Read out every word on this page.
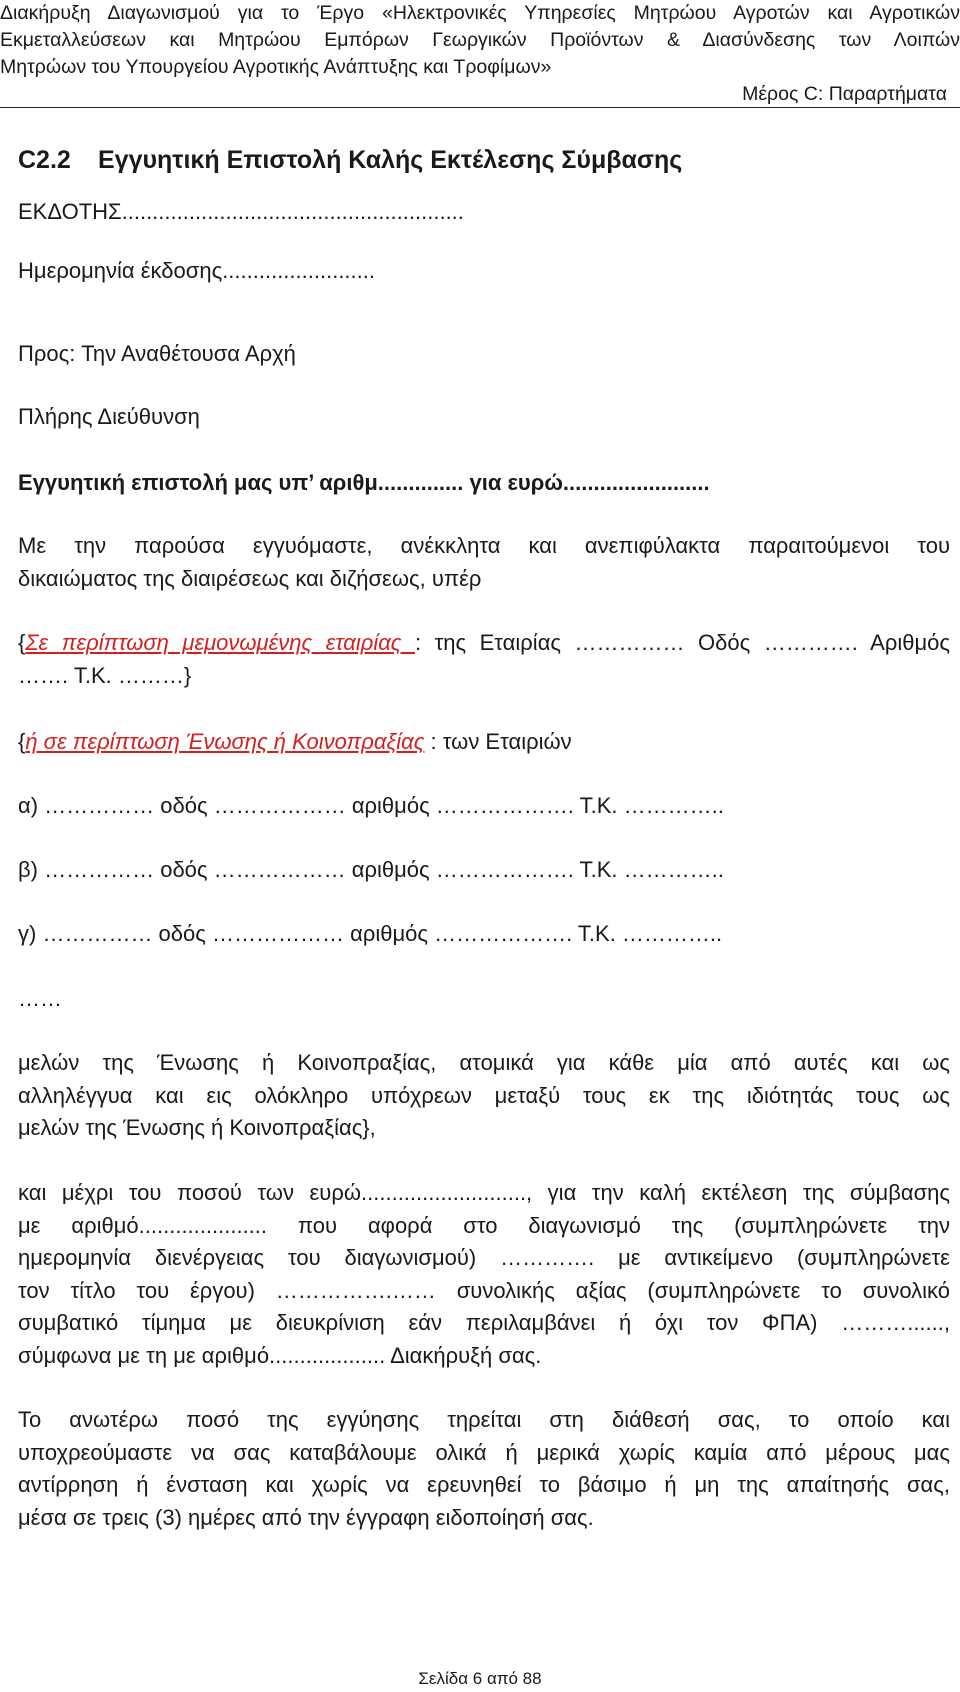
Διακήρυξη Διαγωνισμού για το Έργο «Ηλεκτρονικές Υπηρεσίες Μητρώου Αγροτών και Αγροτικών
Εκμεταλλεύσεων και Μητρώου Εμπόρων Γεωργικών Προϊόντων & Διασύνδεσης των Λοιπών
Μητρώων του Υπουργείου Αγροτικής Ανάπτυξης και Τροφίμων»
Μέρος C: Παραρτήματα
C2.2 Εγγυητική Επιστολή Καλής Εκτέλεσης Σύμβασης
ΕΚΔΟΤΗΣ........................................................
Ημερομηνία έκδοσης.........................
Προς: Την Αναθέτουσα Αρχή
Πλήρης Διεύθυνση
Εγγυητική επιστολή μας υπ’ αριθμ.............. για ευρώ........................
Με την παρούσα εγγυόμαστε, ανέκκλητα και ανεπιφύλακτα παραιτούμενοι του
δικαιώματος της διαιρέσεως και διζήσεως, υπέρ
{Σε περίπτωση μεμονωμένης εταιρίας : της Εταιρίας …………… Οδός …………. Αριθμός
……. Τ.Κ. ………}
{ή σε περίπτωση Ένωσης ή Κοινοπραξίας : των Εταιριών
α) …………… οδός ……………… αριθμός ………………. Τ.Κ. …………..
β) …………… οδός ……………… αριθμός ………………. Τ.Κ. …………..
γ) …………… οδός ……………… αριθμός ………………. Τ.Κ. …………..
……
μελών της Ένωσης ή Κοινοπραξίας, ατομικά για κάθε μία από αυτές και ως
αλληλέγγυα και εις ολόκληρο υπόχρεων μεταξύ τους εκ της ιδιότητάς τους ως
μελών της Ένωσης ή Κοινοπραξίας},
και μέχρι του ποσού των ευρώ..........................., για την καλή εκτέλεση της σύμβασης
με αριθμό..................... που αφορά στο διαγωνισμό της (συμπληρώνετε την
ημερομηνία διενέργειας του διαγωνισμού) …………. με αντικείμενο (συμπληρώνετε
τον τίτλο του έργου) …………….…… συνολικής αξίας (συμπληρώνετε το συνολικό
συμβατικό τίμημα με διευκρίνιση εάν περιλαμβάνει ή όχι τον ΦΠΑ) ………......,
σύμφωνα με τη με αριθμό................... Διακήρυξή σας.
Το ανωτέρω ποσό της εγγύησης τηρείται στη διάθεσή σας, το οποίο και
υποχρεούμαστε να σας καταβάλουμε ολικά ή μερικά χωρίς καμία από μέρους μας
αντίρρηση ή ένσταση και χωρίς να ερευνηθεί το βάσιμο ή μη της απαίτησής σας,
μέσα σε τρεις (3) ημέρες από την έγγραφη ειδοποίησή σας.
Σελίδα 6 από 88
